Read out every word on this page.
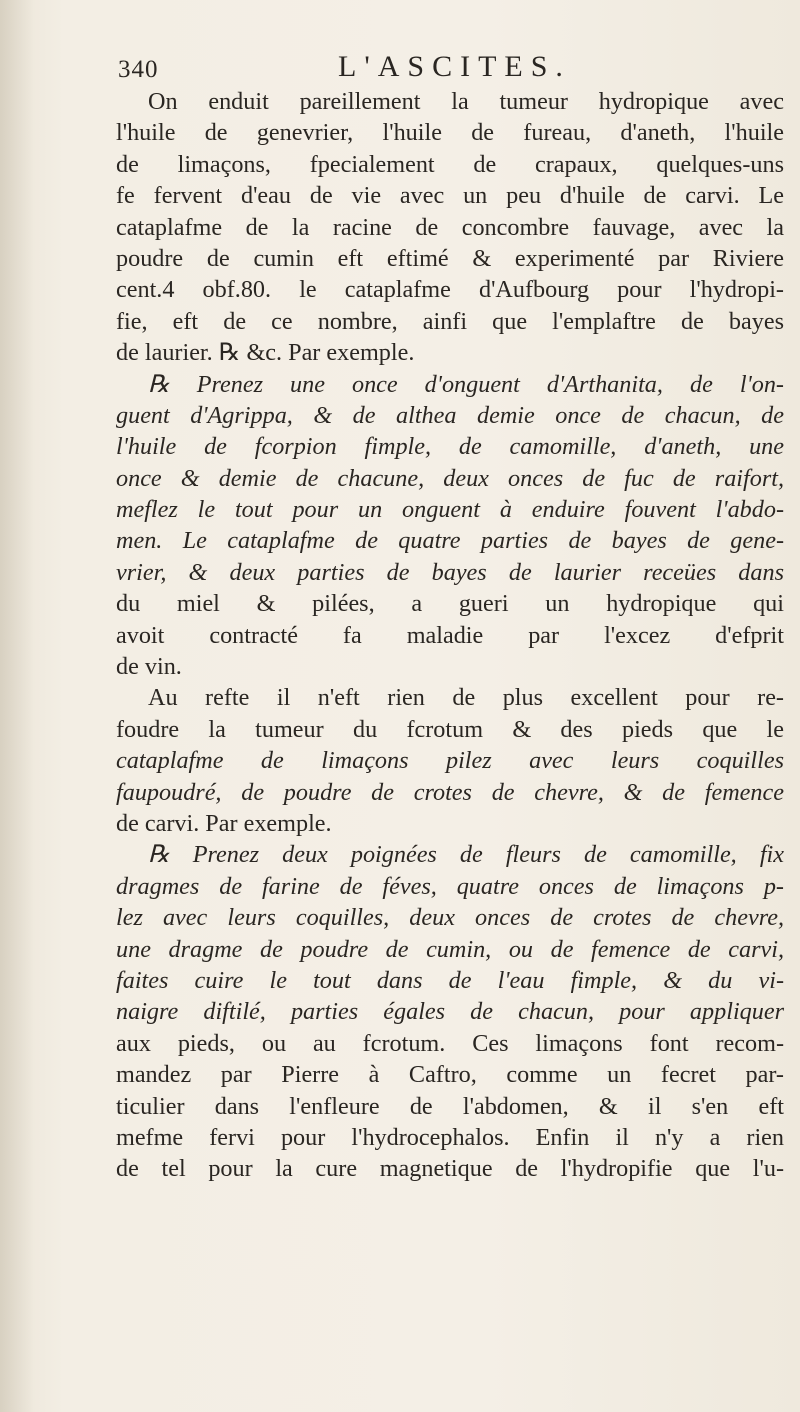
340	L'ASCITES.
On enduit pareillement la tumeur hydropique avec
l'huile de genevrier, l'huile de fureau, d'aneth, l'huile
de limaçons, fpecialement de crapaux, quelques-uns
fe fervent d'eau de vie avec un peu d'huile de carvi. Le
cataplafme de la racine de concombre fauvage, avec la
poudre de cumin eft eftimé & experimenté par Riviere
cent.4 obf.80. le cataplafme d'Aufbourg pour l'hydropi-
fie, eft de ce nombre, ainfi que l'emplaftre de bayes
de laurier. ℞ &c. Par exemple.
℞ Prenez une once d'onguent d'Arthanita, de l'on-
guent d'Agrippa, & de althea demie once de chacun, de
l'huile de fcorpion fimple, de camomille, d'aneth, une
once & demie de chacune, deux onces de fuc de raifort,
meflez le tout pour un onguent à enduire fouvent l'abdo-
men. Le cataplafme de quatre parties de bayes de gene-
vrier, & deux parties de bayes de laurier receües dans
du miel & pilées, a gueri un hydropique qui
avoit contracté fa maladie par l'excez d'efprit
de vin.
Au refte il n'eft rien de plus excellent pour re-
foudre la tumeur du fcrotum & des pieds que le
cataplafme de limaçons pilez avec leurs coquilles
faupoudré, de poudre de crotes de chevre, & de femence
de carvi. Par exemple.
℞ Prenez deux poignées de fleurs de camomille, fix
dragmes de farine de féves, quatre onces de limaçons p-
lez avec leurs coquilles, deux onces de crotes de chevre,
une dragme de poudre de cumin, ou de femence de carvi,
faites cuire le tout dans de l'eau fimple, & du vi-
naigre diftilé, parties égales de chacun, pour appliquer
aux pieds, ou au fcrotum. Ces limaçons font recom-
mandez par Pierre à Caftro, comme un fecret par-
ticulier dans l'enfleure de l'abdomen, & il s'en eft
mefme fervi pour l'hydrocephalos. Enfin il n'y a rien
de tel pour la cure magnetique de l'hydropifie que l'u-
